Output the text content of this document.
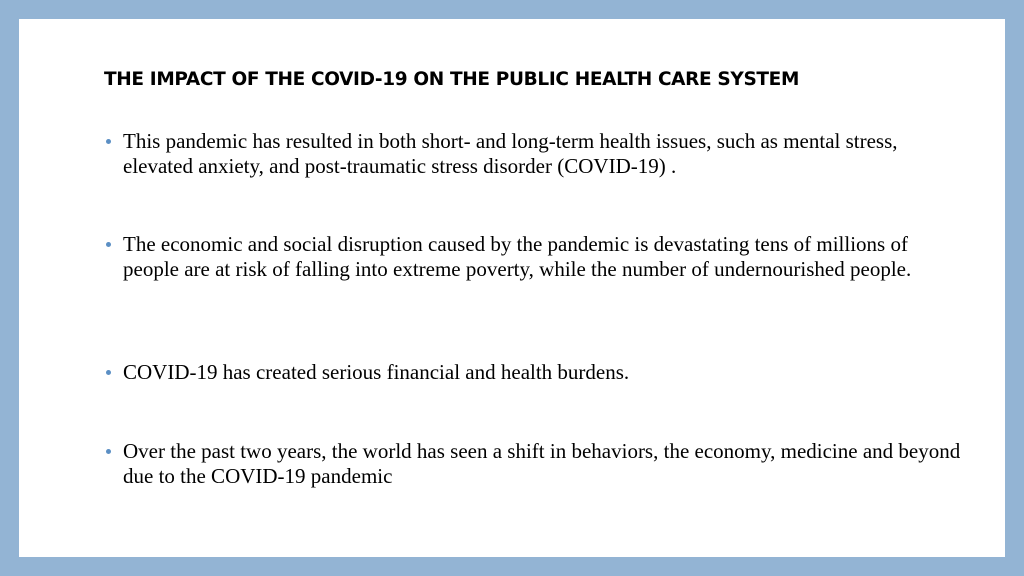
THE IMPACT OF THE COVID-19 ON THE PUBLIC HEALTH CARE SYSTEM

This pandemic has resulted in both short- and long-term health issues, such as mental stress, elevated anxiety, and post-traumatic stress disorder (COVID-19) .

The economic and social disruption caused by the pandemic is devastating tens of millions of people are at risk of falling into extreme poverty, while the number of undernourished people.

COVID-19 has created serious financial and health burdens.

Over the past two years, the world has seen a shift in behaviors, the economy, medicine and beyond due to the COVID-19 pandemic
